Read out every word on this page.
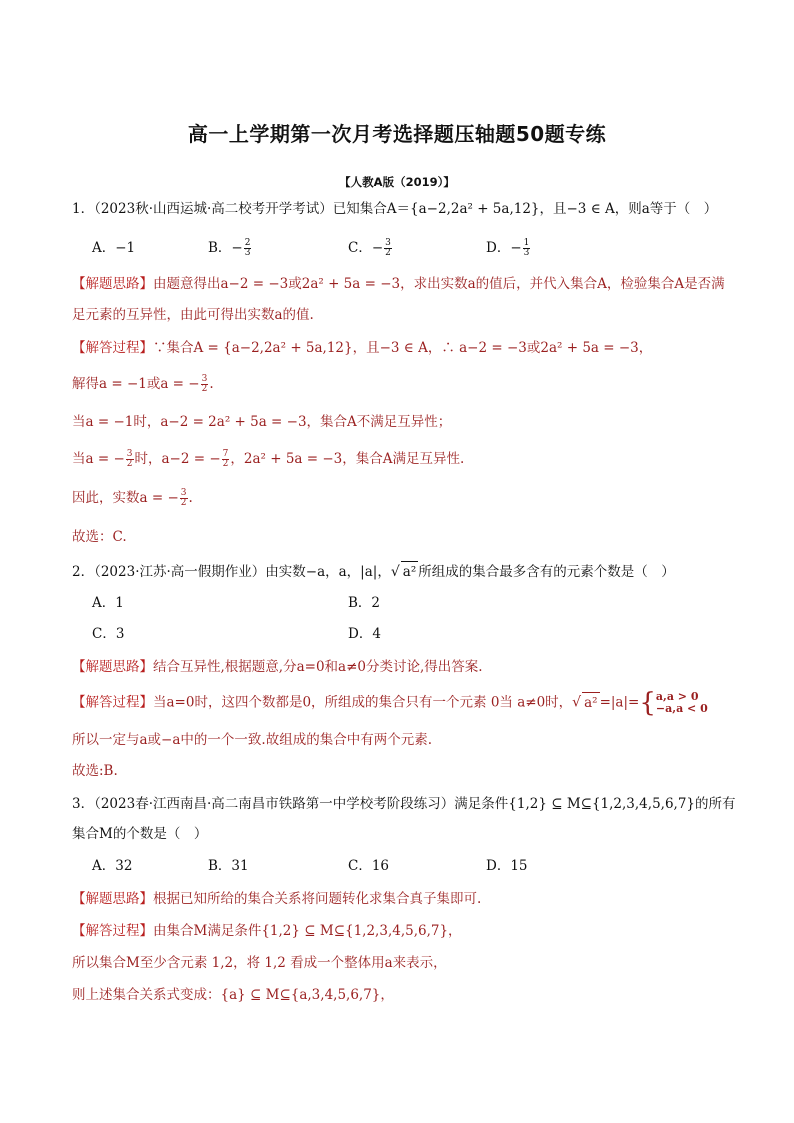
高一上学期第一次月考选择题压轴题50题专练
【人教A版（2019）】
1．（2023秋·山西运城·高二校考开学考试）已知集合A＝{a−2,2a² + 5a,12}，且−3 ∈ A，则a等于（　）
A．−1	B．− $\frac{2}{3}$	C．− $\frac{3}{2}$	D．− $\frac{1}{3}$
【解题思路】由题意得出a−2 = −3或2a² + 5a = −3，求出实数a的值后，并代入集合A，检验集合A是否满
足元素的互异性，由此可得出实数a的值.
【解答过程】∵集合A = {a−2,2a² + 5a,12}，且−3 ∈ A，∴ a−2 = −3或2a² + 5a = −3，
解得a = −1或a = − $\frac{3}{2}$ .
当a = −1时，a−2 = 2a² + 5a = −3，集合A不满足互异性；
当a = − $\frac{3}{2}$ 时，a−2 = − $\frac{7}{2}$ ，2a² + 5a = −3，集合A满足互异性.
因此，实数a = − $\frac{3}{2}$ .
故选：C.
2．（2023·江苏·高一假期作业）由实数−a，a，|a|，√ a² 所组成的集合最多含有的元素个数是（　）
A．1	B．2
C．3	D．4
【解题思路】结合互异性,根据题意,分a=0和a≠0分类讨论,得出答案.
【解答过程】当a=0时，这四个数都是0，所组成的集合只有一个元素 0当 a≠0时，√ a² =|a|={ a,a > 0
−a,a < 0
所以一定与a或−a中的一个一致.故组成的集合中有两个元素.
故选:B.
3．（2023春·江西南昌·高二南昌市铁路第一中学校考阶段练习）满足条件{1,2} ⊆ M⊆{1,2,3,4,5,6,7}的所有
集合M的个数是（　）
A．32	B．31	C．16	D．15
【解题思路】根据已知所给的集合关系将问题转化求集合真子集即可.
【解答过程】由集合M满足条件{1,2} ⊆ M⊆{1,2,3,4,5,6,7}，
所以集合M至少含元素 1,2，将 1,2 看成一个整体用a来表示，
则上述集合关系式变成：{a} ⊆ M⊆{a,3,4,5,6,7}，
